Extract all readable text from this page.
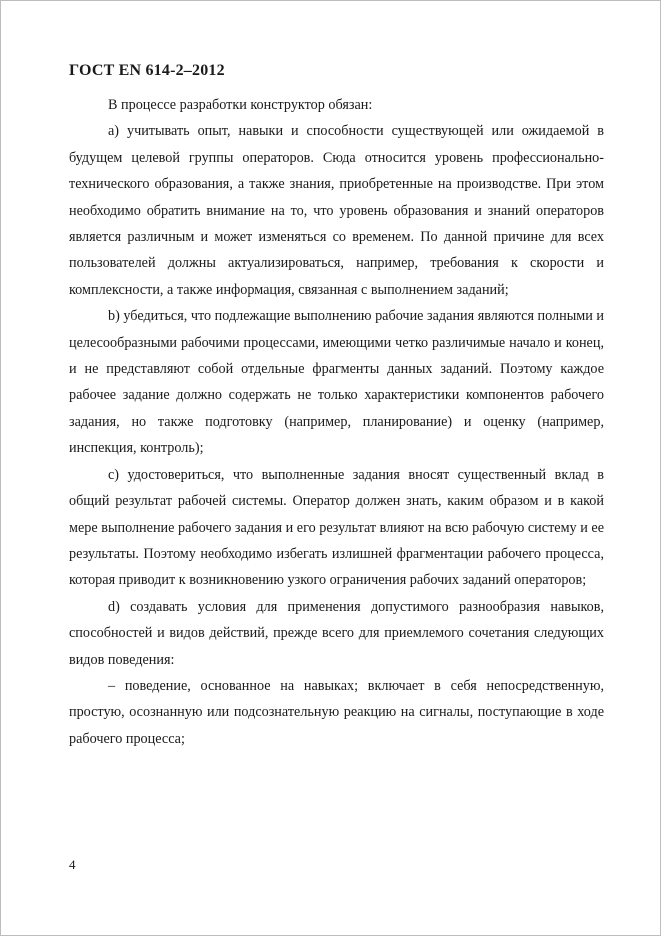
ГОСТ EN 614-2–2012

В процессе разработки конструктор обязан:

a) учитывать опыт, навыки и способности существующей или ожидаемой в будущем целевой группы операторов. Сюда относится уровень профессионально-технического образования, а также знания, приобретенные на производстве. При этом необходимо обратить внимание на то, что уровень образования и знаний операторов является различным и может изменяться со временем. По данной причине для всех пользователей должны актуализироваться, например, требования к скорости и комплексности, а также информация, связанная с выполнением заданий;

b) убедиться, что подлежащие выполнению рабочие задания являются полными и целесообразными рабочими процессами, имеющими четко различимые начало и конец, и не представляют собой отдельные фрагменты данных заданий. Поэтому каждое рабочее задание должно содержать не только характеристики компонентов рабочего задания, но также подготовку (например, планирование) и оценку (например, инспекция, контроль);

c) удостовериться, что выполненные задания вносят существенный вклад в общий результат рабочей системы. Оператор должен знать, каким образом и в какой мере выполнение рабочего задания и его результат влияют на всю рабочую систему и ее результаты. Поэтому необходимо избегать излишней фрагментации рабочего процесса, которая приводит к возникновению узкого ограничения рабочих заданий операторов;

d) создавать условия для применения допустимого разнообразия навыков, способностей и видов действий, прежде всего для приемлемого сочетания следующих видов поведения:

– поведение, основанное на навыках; включает в себя непосредственную, простую, осознанную или подсознательную реакцию на сигналы, поступающие в ходе рабочего процесса;

4
